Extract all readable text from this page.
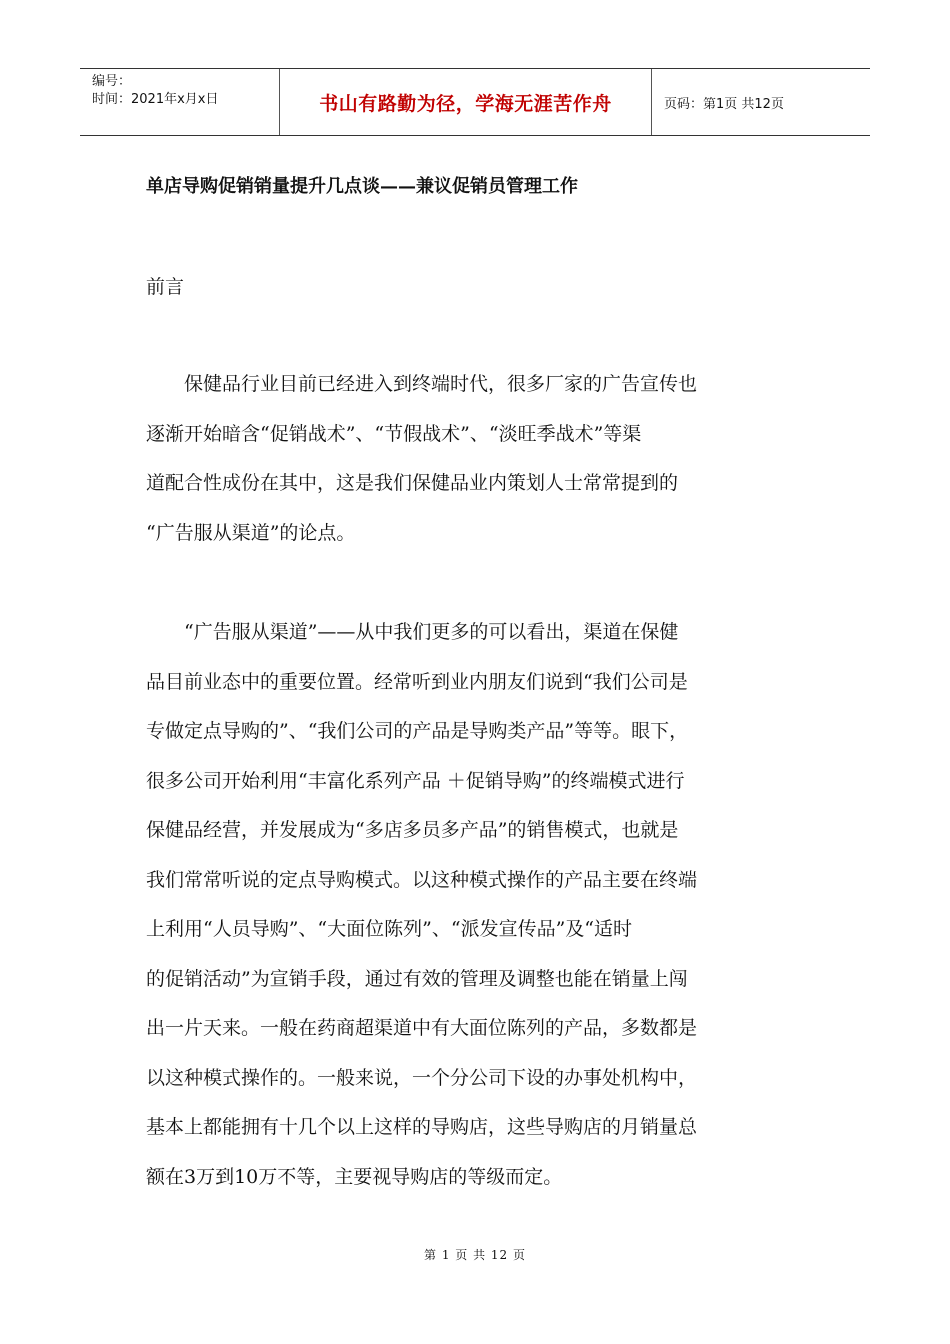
编号：
时间：2021年x月x日	书山有路勤为径，学海无涯苦作舟	页码：第1页 共12页
单店导购促销销量提升几点谈——兼议促销员管理工作
前言
　　保健品行业目前已经进入到终端时代，很多厂家的广告宣传也
逐渐开始暗含“促销战术”、“节假战术”、“淡旺季战术”等渠
道配合性成份在其中，这是我们保健品业内策划人士常常提到的
“广告服从渠道”的论点。
　　“广告服从渠道”——从中我们更多的可以看出，渠道在保健
品目前业态中的重要位置。经常听到业内朋友们说到“我们公司是
专做定点导购的”、“我们公司的产品是导购类产品”等等。眼下，
很多公司开始利用“丰富化系列产品 ＋促销导购”的终端模式进行
保健品经营，并发展成为“多店多员多产品”的销售模式，也就是
我们常常听说的定点导购模式。以这种模式操作的产品主要在终端
上利用“人员导购”、“大面位陈列”、“派发宣传品”及“适时
的促销活动”为宣销手段，通过有效的管理及调整也能在销量上闯
出一片天来。一般在药商超渠道中有大面位陈列的产品，多数都是
以这种模式操作的。一般来说，一个分公司下设的办事处机构中，
基本上都能拥有十几个以上这样的导购店，这些导购店的月销量总
额在3万到10万不等，主要视导购店的等级而定。
第 1 页 共 12 页
